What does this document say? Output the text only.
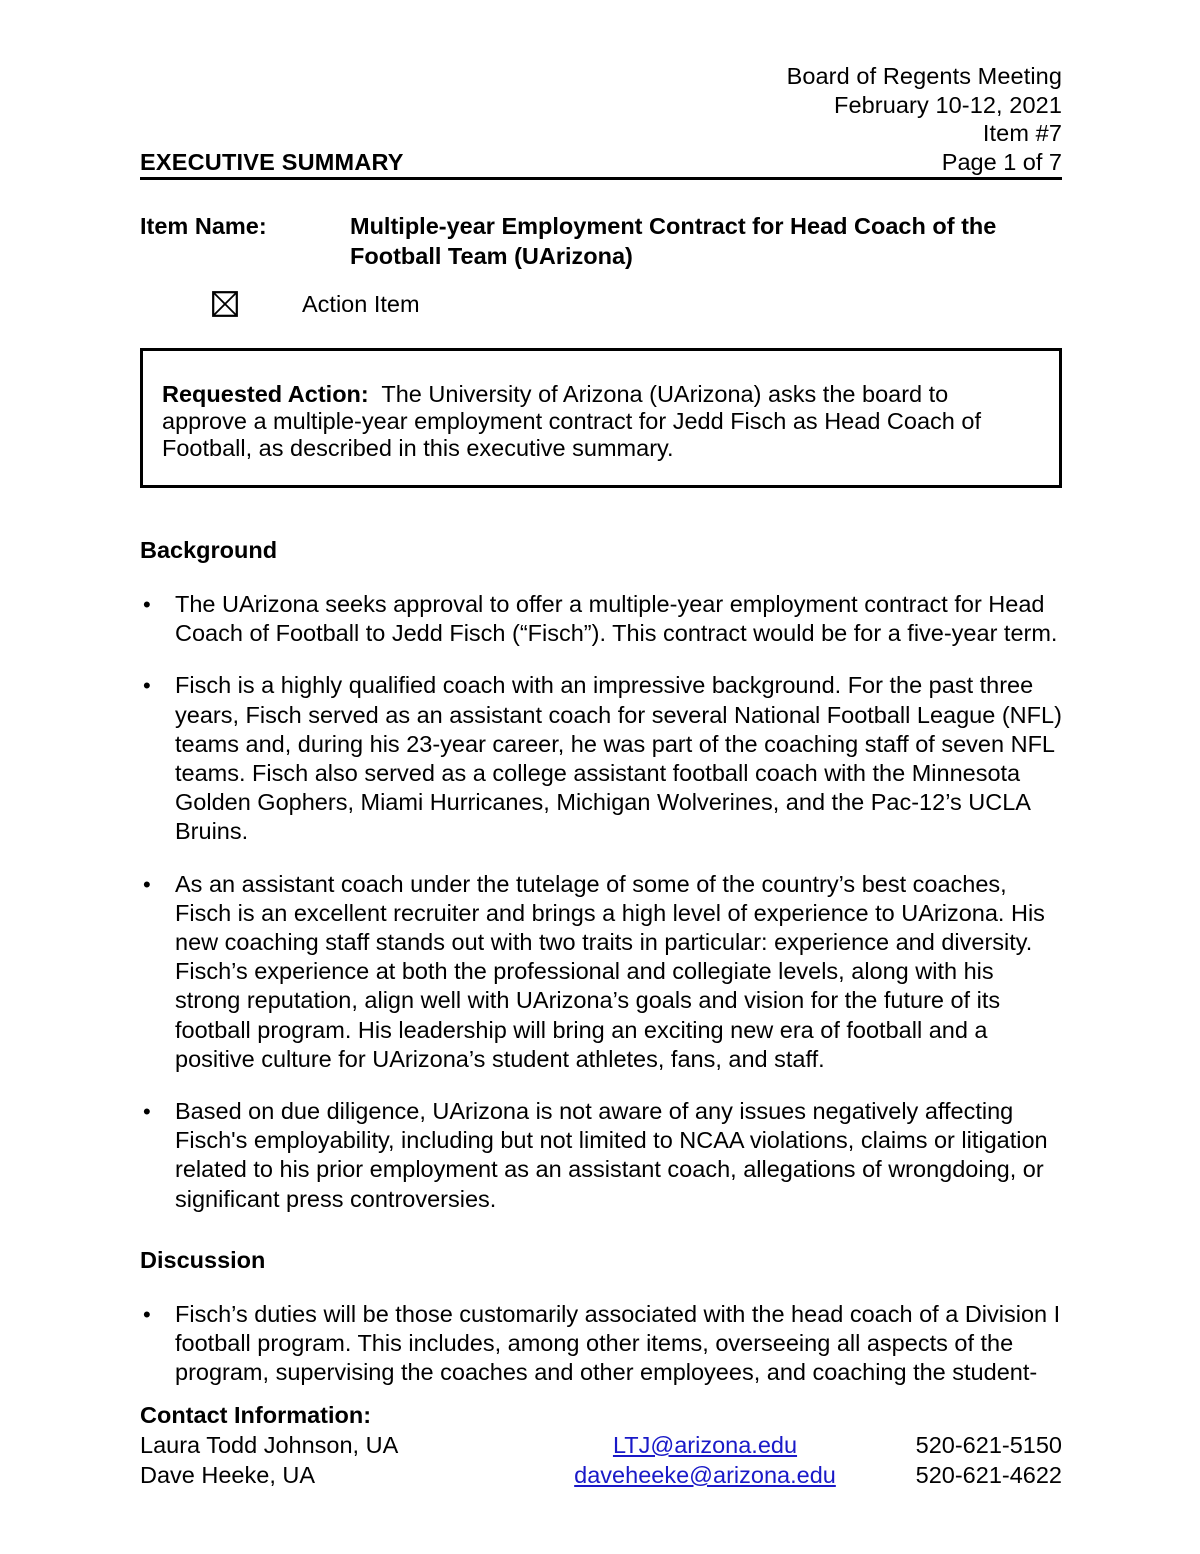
Board of Regents Meeting
February 10-12, 2021
Item #7
EXECUTIVE SUMMARY	Page 1 of 7
Item Name:	Multiple-year Employment Contract for Head Coach of the Football Team (UArizona)
Action Item
Requested Action: The University of Arizona (UArizona) asks the board to approve a multiple-year employment contract for Jedd Fisch as Head Coach of Football, as described in this executive summary.
Background
• The UArizona seeks approval to offer a multiple-year employment contract for Head Coach of Football to Jedd Fisch (“Fisch”). This contract would be for a five-year term.
• Fisch is a highly qualified coach with an impressive background. For the past three years, Fisch served as an assistant coach for several National Football League (NFL) teams and, during his 23-year career, he was part of the coaching staff of seven NFL teams. Fisch also served as a college assistant football coach with the Minnesota Golden Gophers, Miami Hurricanes, Michigan Wolverines, and the Pac-12’s UCLA Bruins.
• As an assistant coach under the tutelage of some of the country’s best coaches, Fisch is an excellent recruiter and brings a high level of experience to UArizona. His new coaching staff stands out with two traits in particular: experience and diversity. Fisch’s experience at both the professional and collegiate levels, along with his strong reputation, align well with UArizona’s goals and vision for the future of its football program. His leadership will bring an exciting new era of football and a positive culture for UArizona’s student athletes, fans, and staff.
• Based on due diligence, UArizona is not aware of any issues negatively affecting Fisch's employability, including but not limited to NCAA violations, claims or litigation related to his prior employment as an assistant coach, allegations of wrongdoing, or significant press controversies.
Discussion
• Fisch’s duties will be those customarily associated with the head coach of a Division I football program. This includes, among other items, overseeing all aspects of the program, supervising the coaches and other employees, and coaching the student-
Contact Information:
Laura Todd Johnson, UA	LTJ@arizona.edu	520-621-5150
Dave Heeke, UA	daveheeke@arizona.edu	520-621-4622
